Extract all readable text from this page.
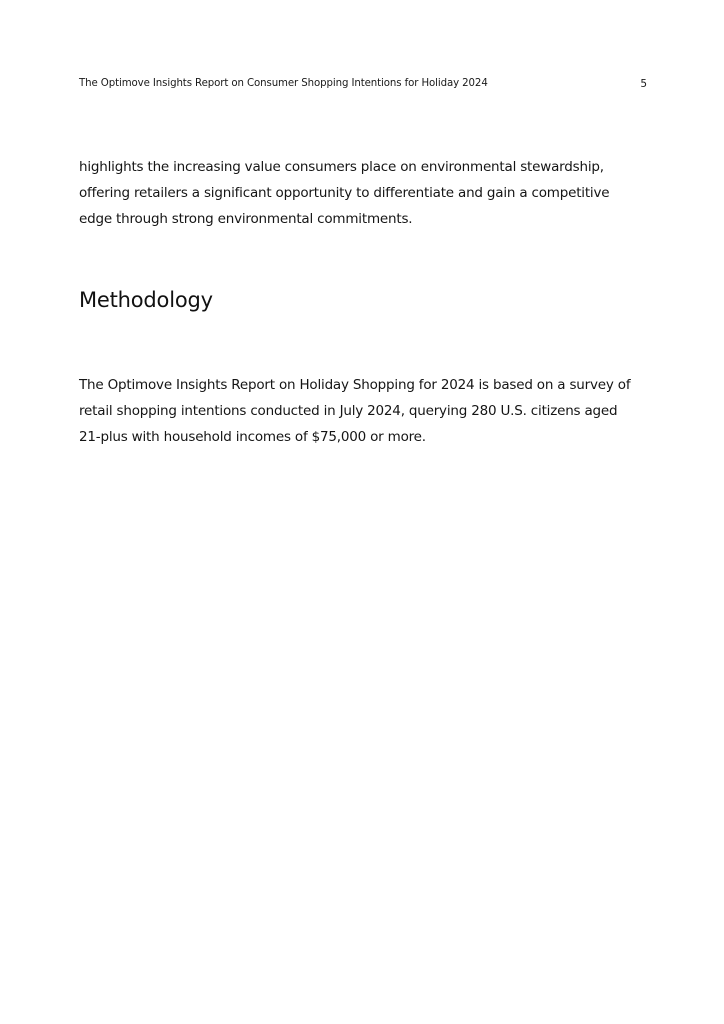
The Optimove Insights Report on Consumer Shopping Intentions for Holiday 2024	5

highlights the increasing value consumers place on environmental stewardship,
offering retailers a significant opportunity to differentiate and gain a competitive
edge through strong environmental commitments.

Methodology

The Optimove Insights Report on Holiday Shopping for 2024 is based on a survey of
retail shopping intentions conducted in July 2024, querying 280 U.S. citizens aged
21-plus with household incomes of $75,000 or more.
